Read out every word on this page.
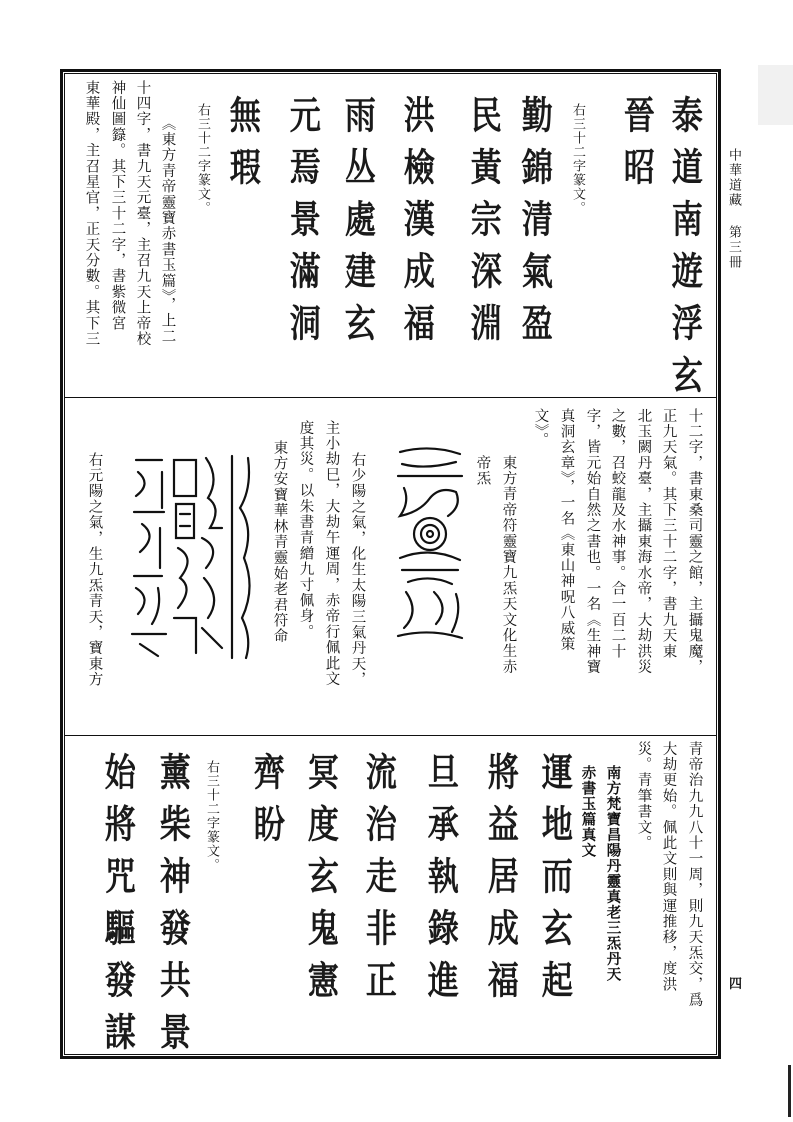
中華道藏 第三冊
四
泰道南遊浮玄
晉昭
右三十二字篆文。
勤錦清氣盈
民黃宗深淵
洪檢漢成福
雨丛處建玄
元焉景滿洞
無瑕
右三十二字篆文。
《東方青帝靈寶赤書玉篇》，上二
十四字，書九天元臺，主召九天上帝校
神仙圖籙。其下三十二字，書紫微宮
東華殿，主召星官，正天分數。其下三
十二字，書東桑司靈之館，主攝鬼魔，
正九天氣。其下三十二字，書九天東
北玉闕丹臺，主攝東海水帝，大劫洪災
之數，召蛟龍及水神事。合一百二十
字，皆元始自然之書也。一名《生神寶
真洞玄章》，一名《東山神呪八威策
文》。
東方青帝符靈寶九炁天文化生赤
帝炁
右少陽之氣，化生太陽三氣丹天，
主小劫巳，大劫午運周，赤帝行佩此文
度其災。以朱書青繒九寸佩身。
東方安寶華林青靈始老君符命
右元陽之氣，生九炁青天，寶東方
青帝治九九八十一周，則九天炁交，爲
大劫更始。佩此文則與運推移，度洪
災。青筆書文。
南方梵寶昌陽丹靈真老三炁丹天
赤書玉篇真文
運地而玄起
將益居成福
旦承執錄進
流治走非正
冥度玄鬼憲
齊盼
右三十二字篆文。
薰柴神發共景
始將咒驅發謀
